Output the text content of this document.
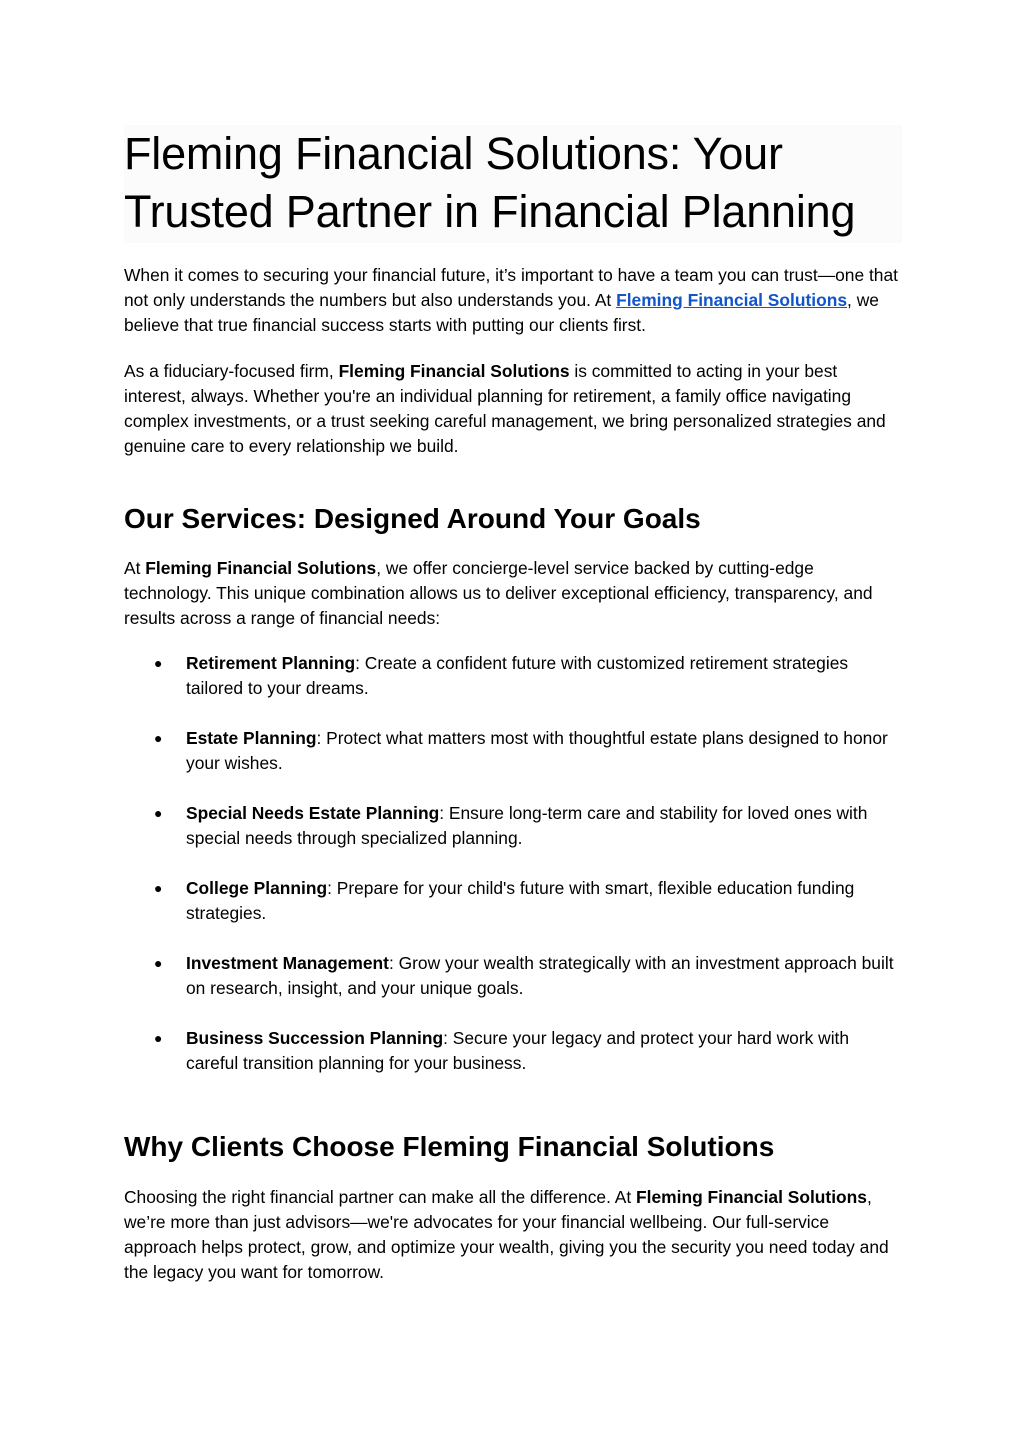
Fleming Financial Solutions: Your Trusted Partner in Financial Planning

When it comes to securing your financial future, it’s important to have a team you can trust—one that not only understands the numbers but also understands you. At Fleming Financial Solutions, we believe that true financial success starts with putting our clients first.

As a fiduciary-focused firm, Fleming Financial Solutions is committed to acting in your best interest, always. Whether you're an individual planning for retirement, a family office navigating complex investments, or a trust seeking careful management, we bring personalized strategies and genuine care to every relationship we build.

Our Services: Designed Around Your Goals

At Fleming Financial Solutions, we offer concierge-level service backed by cutting-edge technology. This unique combination allows us to deliver exceptional efficiency, transparency, and results across a range of financial needs:

● Retirement Planning: Create a confident future with customized retirement strategies tailored to your dreams.
● Estate Planning: Protect what matters most with thoughtful estate plans designed to honor your wishes.
● Special Needs Estate Planning: Ensure long-term care and stability for loved ones with special needs through specialized planning.
● College Planning: Prepare for your child's future with smart, flexible education funding strategies.
● Investment Management: Grow your wealth strategically with an investment approach built on research, insight, and your unique goals.
● Business Succession Planning: Secure your legacy and protect your hard work with careful transition planning for your business.
Why Clients Choose Fleming Financial Solutions

Choosing the right financial partner can make all the difference. At Fleming Financial Solutions, we’re more than just advisors—we're advocates for your financial wellbeing. Our full-service approach helps protect, grow, and optimize your wealth, giving you the security you need today and the legacy you want for tomorrow.
